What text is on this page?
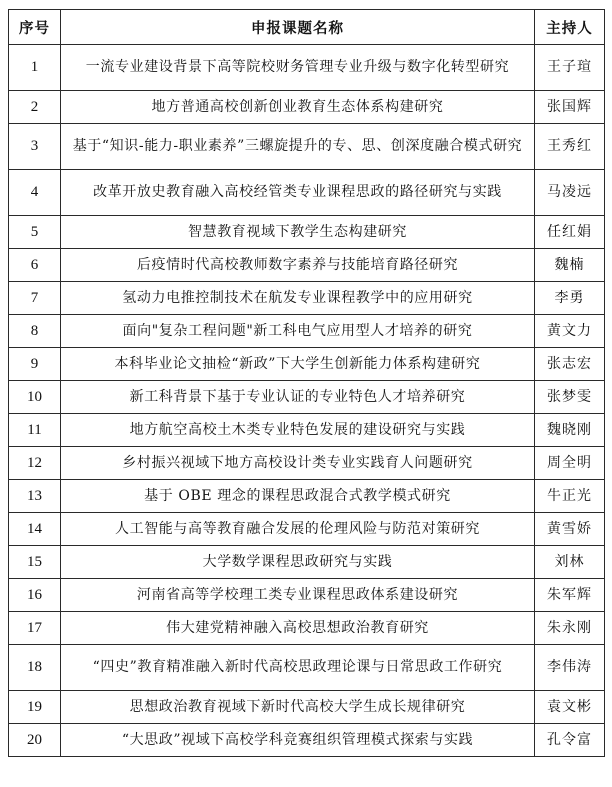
序号	申报课题名称	主持人
1	一流专业建设背景下高等院校财务管理专业升级与数字化转型研究	王子瑄
2	地方普通高校创新创业教育生态体系构建研究	张国辉
3	基于“知识-能力-职业素养”三螺旋提升的专、思、创深度融合模式研究	王秀红
4	改革开放史教育融入高校经管类专业课程思政的路径研究与实践	马凌远
5	智慧教育视域下教学生态构建研究	任红娟
6	后疫情时代高校教师数字素养与技能培育路径研究	魏楠
7	氢动力电推控制技术在航发专业课程教学中的应用研究	李勇
8	面向"复杂工程问题"新工科电气应用型人才培养的研究	黄文力
9	本科毕业论文抽检“新政”下大学生创新能力体系构建研究	张志宏
10	新工科背景下基于专业认证的专业特色人才培养研究	张梦雯
11	地方航空高校土木类专业特色发展的建设研究与实践	魏晓刚
12	乡村振兴视域下地方高校设计类专业实践育人问题研究	周全明
13	基于 OBE 理念的课程思政混合式教学模式研究	牛正光
14	人工智能与高等教育融合发展的伦理风险与防范对策研究	黄雪娇
15	大学数学课程思政研究与实践	刘林
16	河南省高等学校理工类专业课程思政体系建设研究	朱军辉
17	伟大建党精神融入高校思想政治教育研究	朱永刚
18	“四史”教育精准融入新时代高校思政理论课与日常思政工作研究	李伟涛
19	思想政治教育视域下新时代高校大学生成长规律研究	袁文彬
20	“大思政”视域下高校学科竞赛组织管理模式探索与实践	孔令富
